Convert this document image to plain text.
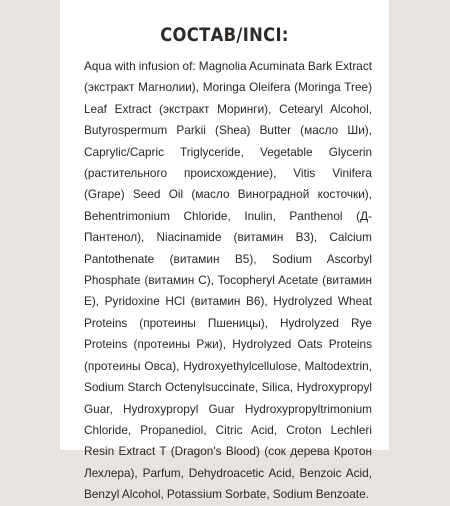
СОСТАВ/INCI:

Aqua with infusion of: Magnolia Acuminata Bark Extract (экстракт Магнолии), Moringa Oleifera (Moringa Tree) Leaf Extract (экстракт Моринги), Cetearyl Alcohol, Butyrospermum Parkii (Shea) Butter (масло Ши), Caprylic/Capric Triglyceride, Vegetable Glycerin (растительного происхождение), Vitis Vinifera (Grape) Seed Oil (масло Виноградной косточки), Behentrimonium Chloride, Inulin, Panthenol (Д-Пантенол), Niacinamide (витамин B3), Calcium Pantothenate (витамин B5), Sodium Ascorbyl Phosphate (витамин C), Tocopheryl Acetate (витамин E), Pyridoxine HCl (витамин B6), Hydrolyzed Wheat Proteins (протеины Пшеницы), Hydrolyzed Rye Proteins (протеины Ржи), Hydrolyzed Oats Proteins (протеины Овса), Hydroxyethylcellulose, Maltodextrin, Sodium Starch Octenylsuccinate, Silica, Hydroxypropyl Guar, Hydroxypropyl Guar Hydroxypropyltrimonium Chloride, Propanediol, Citric Acid, Croton Lechleri Resin Extract T (Dragon's Blood) (сок дерева Кротон Лехлера), Parfum, Dehydroacetic Acid, Benzoic Acid, Benzyl Alcohol, Potassium Sorbate, Sodium Benzoate.
